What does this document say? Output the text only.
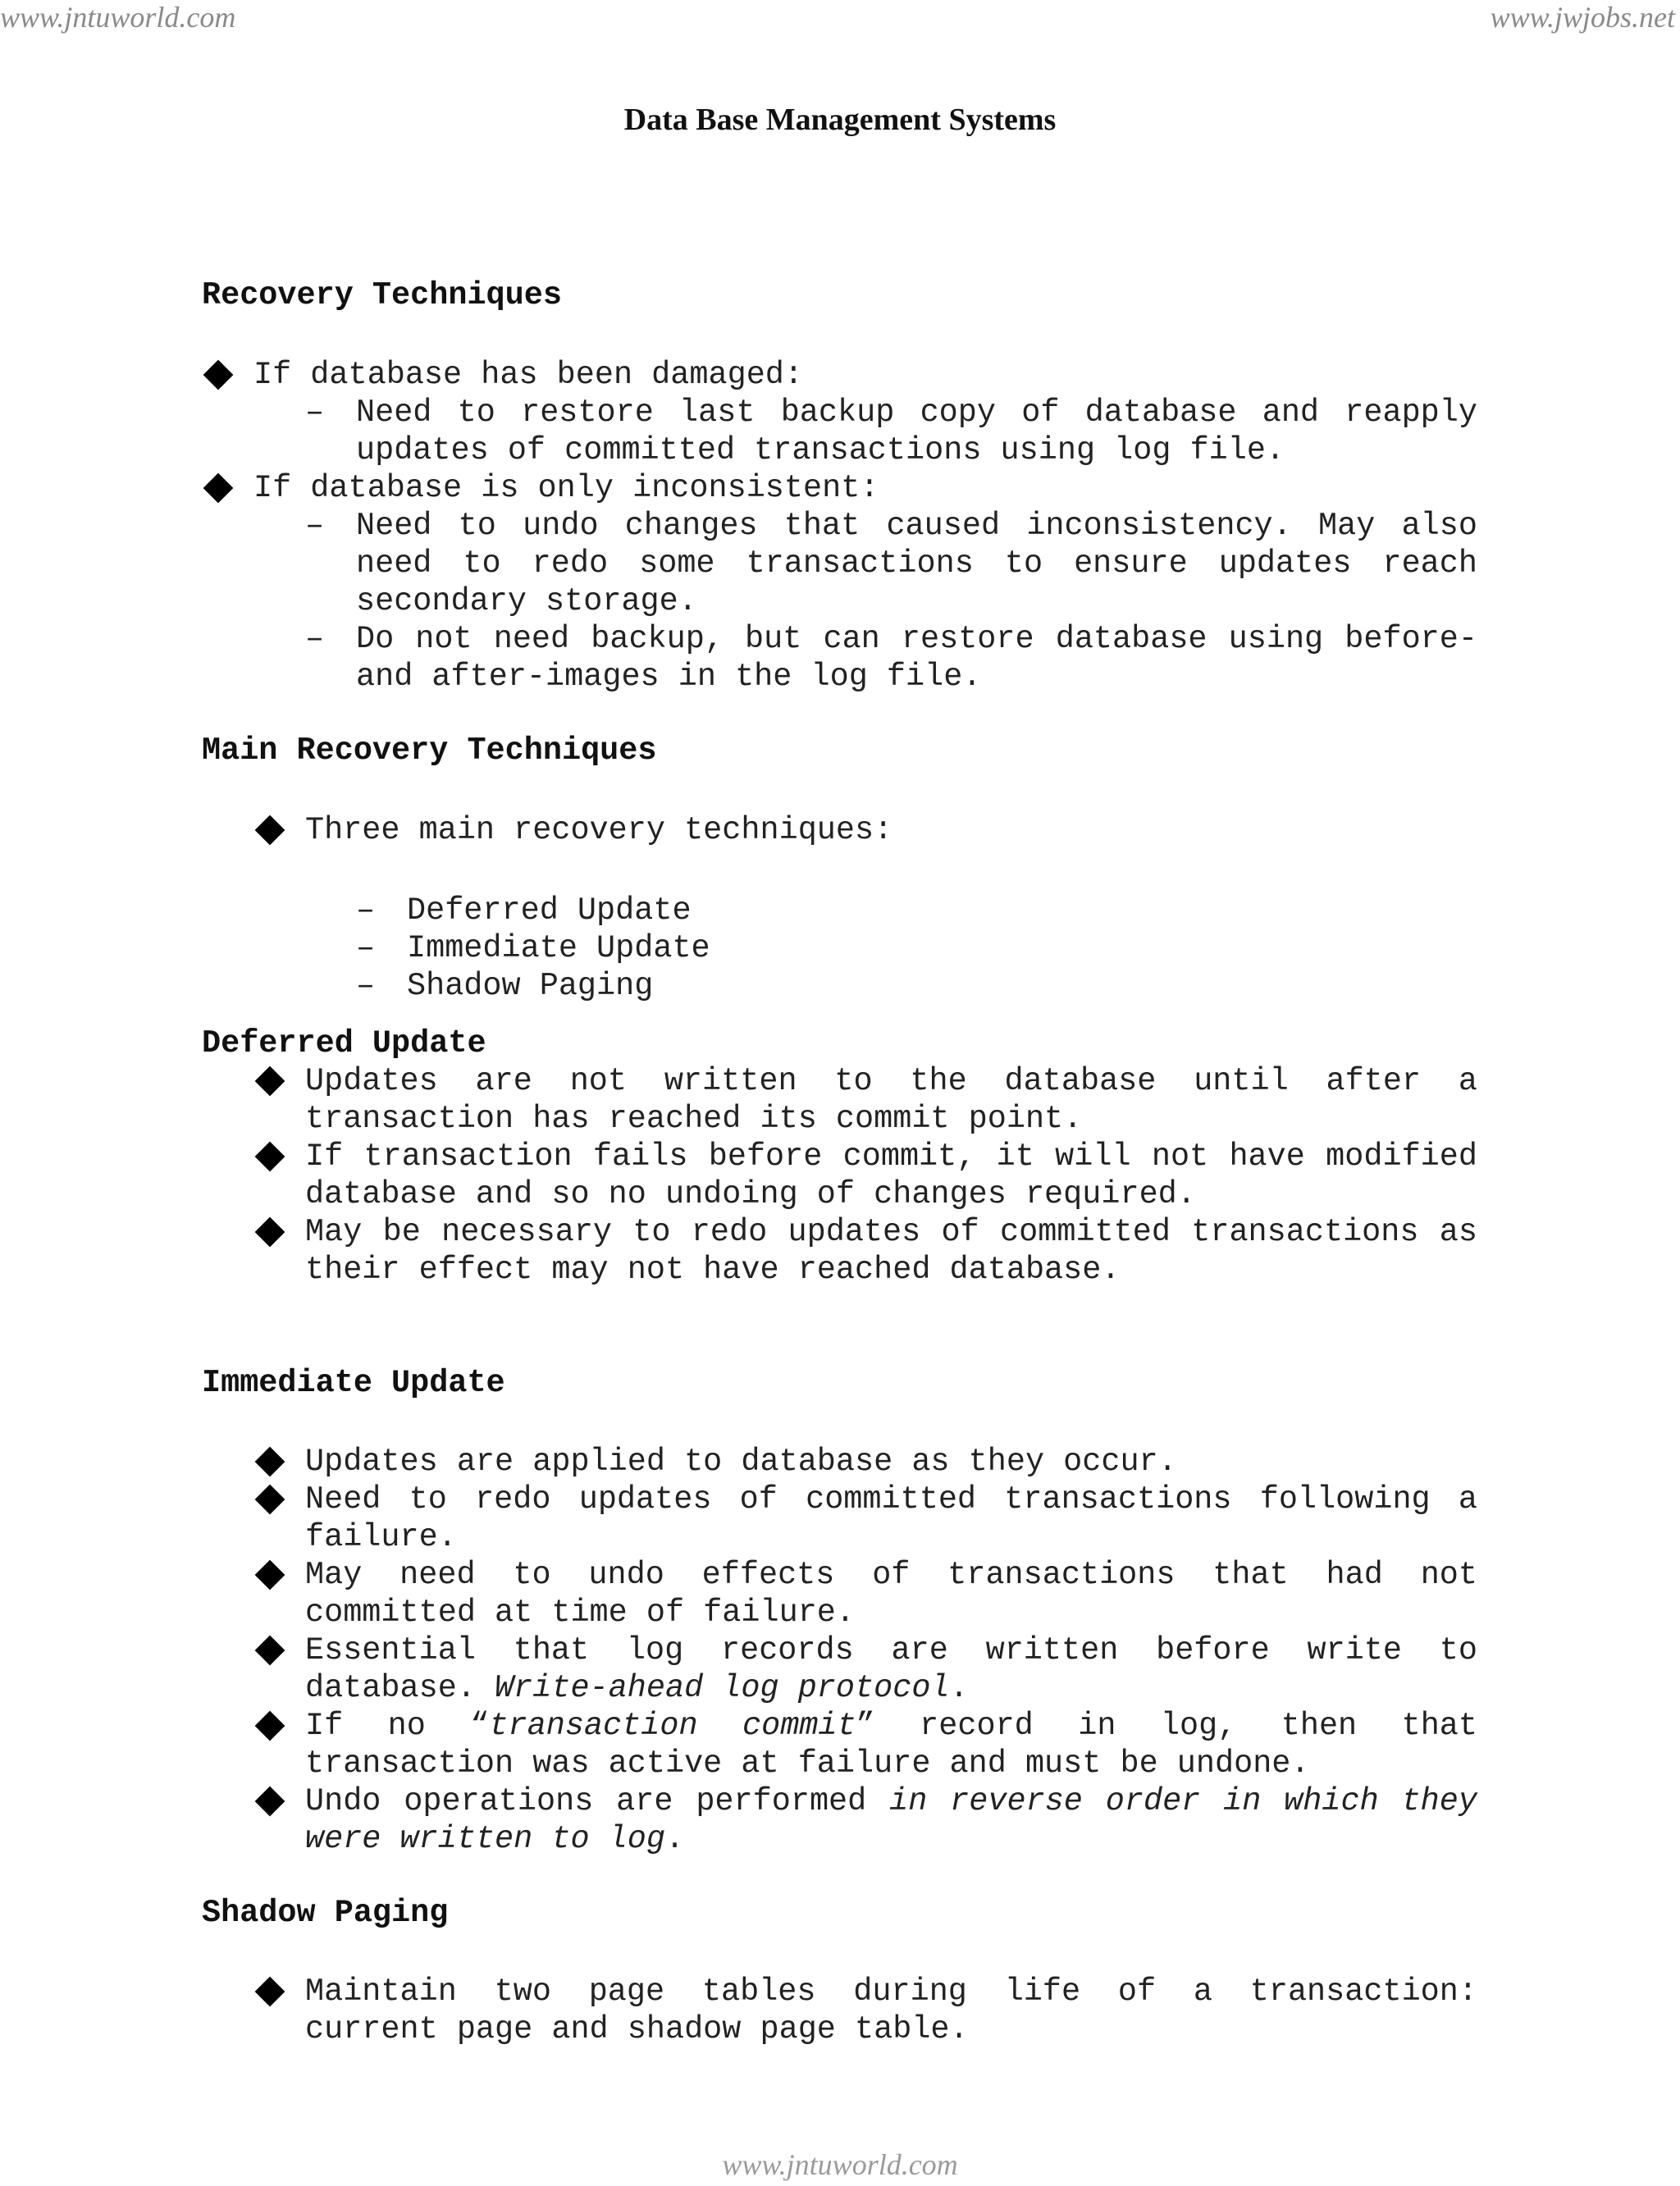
www.jntuworld.com	www.jwjobs.net
Data Base Management Systems

Recovery Techniques

If database has been damaged:
– Need to restore last backup copy of database and reapply updates of committed transactions using log file.
If database is only inconsistent:
– Need to undo changes that caused inconsistency. May also need to redo some transactions to ensure updates reach secondary storage.
– Do not need backup, but can restore database using before- and after-images in the log file.

Main Recovery Techniques

Three main recovery techniques:
– Deferred Update
– Immediate Update
– Shadow Paging

Deferred Update

Updates are not written to the database until after a transaction has reached its commit point.
If transaction fails before commit, it will not have modified database and so no undoing of changes required.
May be necessary to redo updates of committed transactions as their effect may not have reached database.

Immediate Update

Updates are applied to database as they occur.
Need to redo updates of committed transactions following a failure.
May need to undo effects of transactions that had not committed at time of failure.
Essential that log records are written before write to database. Write-ahead log protocol.
If no “transaction commit” record in log, then that transaction was active at failure and must be undone.
Undo operations are performed in reverse order in which they were written to log.

Shadow Paging

Maintain two page tables during life of a transaction: current page and shadow page table.
www.jntuworld.com
